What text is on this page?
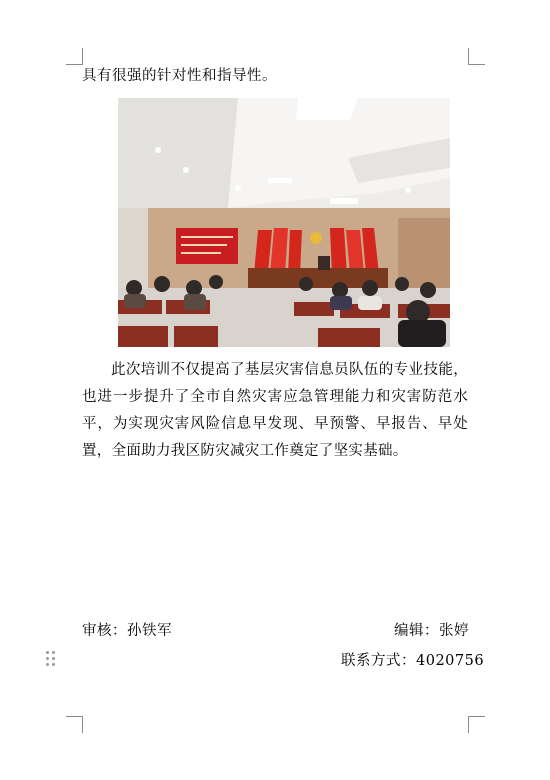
具有很强的针对性和指导性。
此次培训不仅提高了基层灾害信息员队伍的专业技能，也进一步提升了全市自然灾害应急管理能力和灾害防范水平，为实现灾害风险信息早发现、早预警、早报告、早处置，全面助力我区防灾减灾工作奠定了坚实基础。
审核：孙铁军	编辑：张婷
联系方式：4020756
